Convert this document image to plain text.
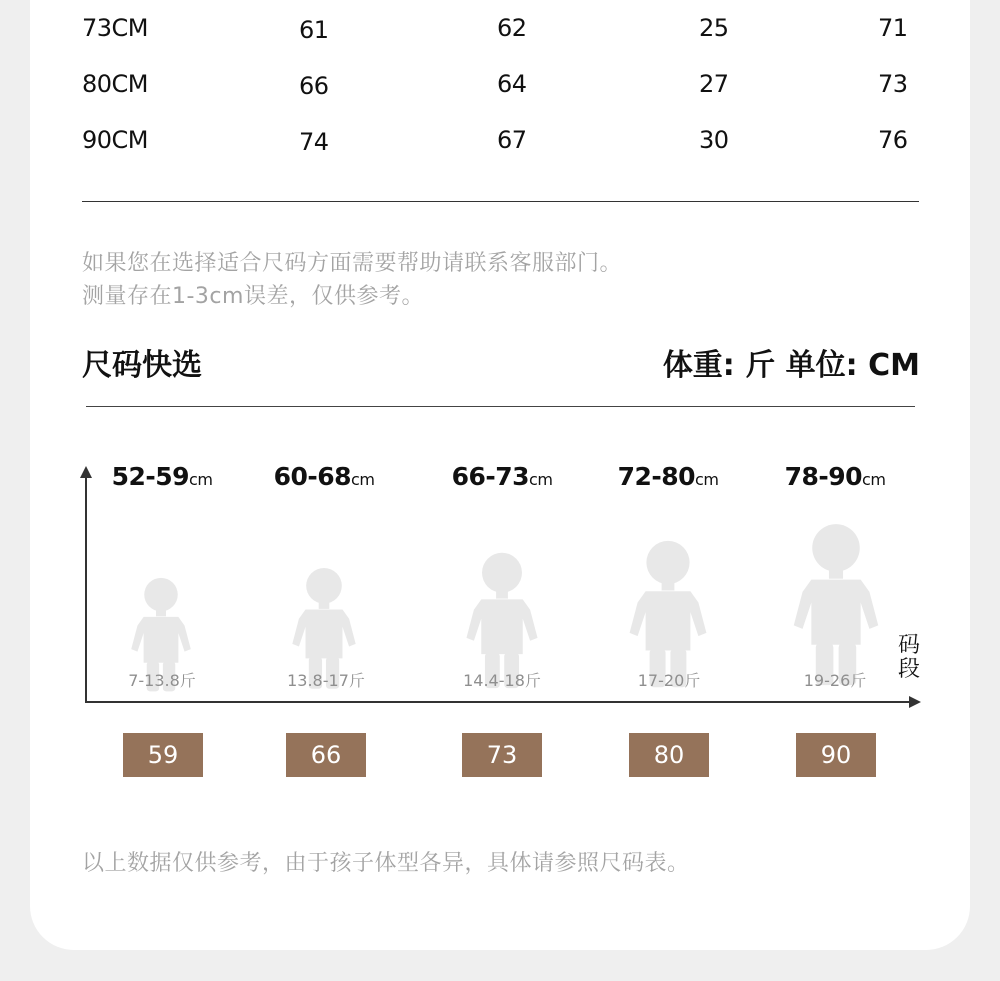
73CM	61	62	25	71
80CM	66	64	27	73
90CM	74	67	30	76
如果您在选择适合尺码方面需要帮助请联系客服部门。
测量存在1-3cm误差，仅供参考。
尺码快选	体重: 斤 单位: CM
码段
52-59cm	60-68cm	66-73cm	72-80cm	78-90cm
7-13.8斤	13.8-17斤	14.4-18斤	17-20斤	19-26斤
59	66	73	80	90
以上数据仅供参考，由于孩子体型各异，具体请参照尺码表。
